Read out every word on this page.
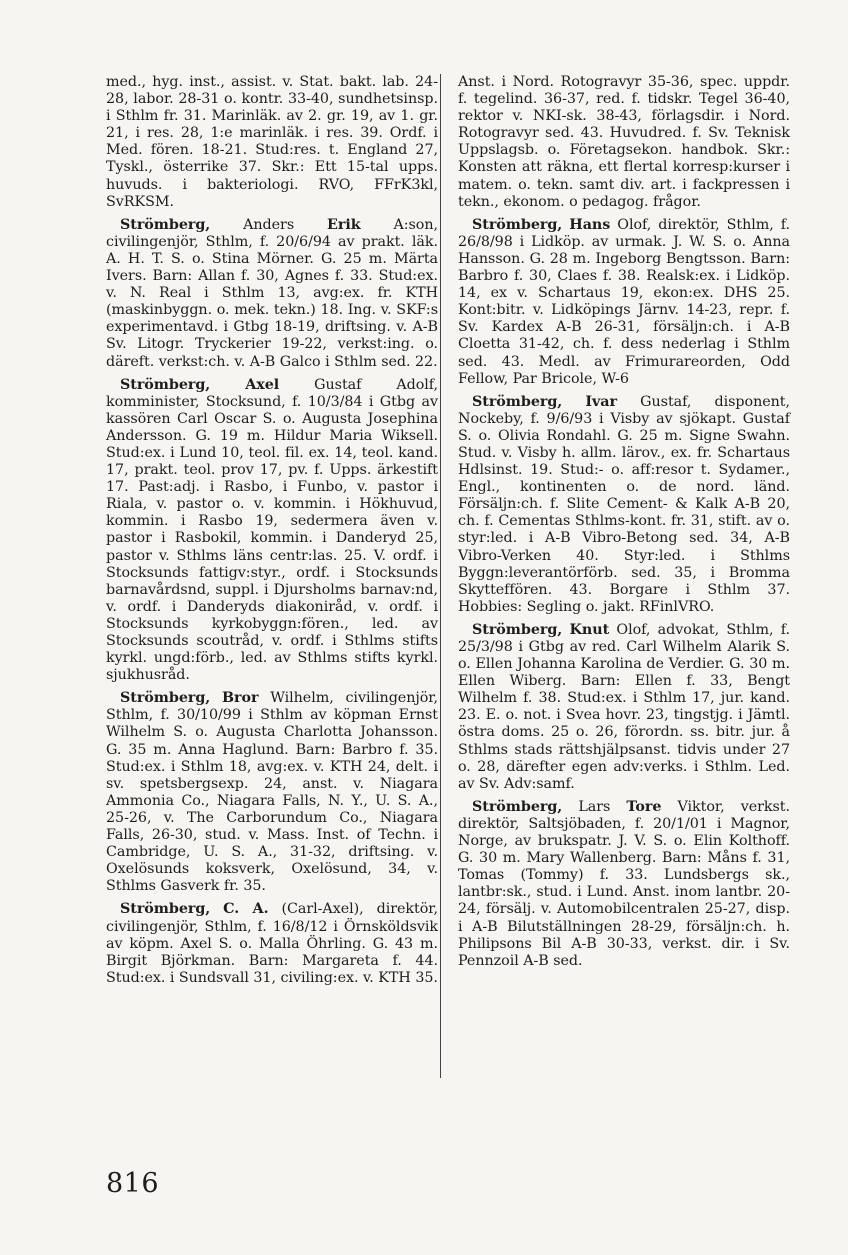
med., hyg. inst., assist. v. Stat. bakt. lab. 24-28, labor. 28-31 o. kontr. 33-40, sundhetsinsp. i Sthlm fr. 31. Marinläk. av 2. gr. 19, av 1. gr. 21, i res. 28, 1:e marinläk. i res. 39. Ordf. i Med. fören. 18-21. Stud:res. t. England 27, Tyskl., österrike 37. Skr.: Ett 15-tal upps. huvuds. i bakteriologi. RVO, FFrK3kl, SvRKSM.

Strömberg, Anders Erik A:son, civilingenjör, Sthlm, f. 20/6/94 av prakt. läk. A. H. T. S. o. Stina Mörner. G. 25 m. Märta Ivers. Barn: Allan f. 30, Agnes f. 33. Stud:ex. v. N. Real i Sthlm 13, avg:ex. fr. KTH (maskinbyggn. o. mek. tekn.) 18. Ing. v. SKF:s experimentavd. i Gtbg 18-19, driftsing. v. A-B Sv. Litogr. Tryckerier 19-22, verkst:ing. o. däreft. verkst:ch. v. A-B Galco i Sthlm sed. 22.

Strömberg, Axel Gustaf Adolf, komminister, Stocksund, f. 10/3/84 i Gtbg av kassören Carl Oscar S. o. Augusta Josephina Andersson. G. 19 m. Hildur Maria Wiksell. Stud:ex. i Lund 10, teol. fil. ex. 14, teol. kand. 17, prakt. teol. prov 17, pv. f. Upps. ärkestift 17. Past:adj. i Rasbo, i Funbo, v. pastor i Riala, v. pastor o. v. kommin. i Hökhuvud, kommin. i Rasbo 19, sedermera även v. pastor i Rasbokil, kommin. i Danderyd 25, pastor v. Sthlms läns centr:las. 25. V. ordf. i Stocksunds fattigv:styr., ordf. i Stocksunds barnavårdsnd, suppl. i Djursholms barnav:nd, v. ordf. i Danderyds diakoniråd, v. ordf. i Stocksunds kyrkobyggn:fören., led. av Stocksunds scoutråd, v. ordf. i Sthlms stifts kyrkl. ungd:förb., led. av Sthlms stifts kyrkl. sjukhusråd.

Strömberg, Bror Wilhelm, civilingenjör, Sthlm, f. 30/10/99 i Sthlm av köpman Ernst Wilhelm S. o. Augusta Charlotta Johansson. G. 35 m. Anna Haglund. Barn: Barbro f. 35. Stud:ex. i Sthlm 18, avg:ex. v. KTH 24, delt. i sv. spetsbergsexp. 24, anst. v. Niagara Ammonia Co., Niagara Falls, N. Y., U. S. A., 25-26, v. The Carborundum Co., Niagara Falls, 26-30, stud. v. Mass. Inst. of Techn. i Cambridge, U. S. A., 31-32, driftsing. v. Oxelösunds koksverk, Oxelösund, 34, v. Sthlms Gasverk fr. 35.

Strömberg, C. A. (Carl-Axel), direktör, civilingenjör, Sthlm, f. 16/8/12 i Örnsköldsvik av köpm. Axel S. o. Malla Öhrling. G. 43 m. Birgit Björkman. Barn: Margareta f. 44. Stud:ex. i Sundsvall 31, civiling:ex. v. KTH 35.

Anst. i Nord. Rotogravyr 35-36, spec. uppdr. f. tegelind. 36-37, red. f. tidskr. Tegel 36-40, rektor v. NKI-sk. 38-43, förlagsdir. i Nord. Rotogravyr sed. 43. Huvudred. f. Sv. Teknisk Uppslagsb. o. Företagsekon. handbok. Skr.: Konsten att räkna, ett flertal korresp:kurser i matem. o. tekn. samt div. art. i fackpressen i tekn., ekonom. o pedagog. frågor.

Strömberg, Hans Olof, direktör, Sthlm, f. 26/8/98 i Lidköp. av urmak. J. W. S. o. Anna Hansson. G. 28 m. Ingeborg Bengtsson. Barn: Barbro f. 30, Claes f. 38. Realsk:ex. i Lidköp. 14, ex v. Schartaus 19, ekon:ex. DHS 25. Kont:bitr. v. Lidköpings Järnv. 14-23, repr. f. Sv. Kardex A-B 26-31, försäljn:ch. i A-B Cloetta 31-42, ch. f. dess nederlag i Sthlm sed. 43. Medl. av Frimurareorden, Odd Fellow, Par Bricole, W-6

Strömberg, Ivar Gustaf, disponent, Nockeby, f. 9/6/93 i Visby av sjökapt. Gustaf S. o. Olivia Rondahl. G. 25 m. Signe Swahn. Stud. v. Visby h. allm. lärov., ex. fr. Schartaus Hdlsinst. 19. Stud:- o. aff:resor t. Sydamer., Engl., kontinenten o. de nord. länd. Försäljn:ch. f. Slite Cement- & Kalk A-B 20, ch. f. Cementas Sthlms-kont. fr. 31, stift. av o. styr:led. i A-B Vibro-Betong sed. 34, A-B Vibro-Verken 40. Styr:led. i Sthlms Byggn:leverantörförb. sed. 35, i Bromma Skytteffören. 43. Borgare i Sthlm 37. Hobbies: Segling o. jakt. RFinlVRO.

Strömberg, Knut Olof, advokat, Sthlm, f. 25/3/98 i Gtbg av red. Carl Wilhelm Alarik S. o. Ellen Johanna Karolina de Verdier. G. 30 m. Ellen Wiberg. Barn: Ellen f. 33, Bengt Wilhelm f. 38. Stud:ex. i Sthlm 17, jur. kand. 23. E. o. not. i Svea hovr. 23, tingstjg. i Jämtl. östra doms. 25 o. 26, förordn. ss. bitr. jur. å Sthlms stads rättshjälpsanst. tidvis under 27 o. 28, därefter egen adv:verks. i Sthlm. Led. av Sv. Adv:samf.

Strömberg, Lars Tore Viktor, verkst. direktör, Saltsjöbaden, f. 20/1/01 i Magnor, Norge, av brukspatr. J. V. S. o. Elin Kolthoff. G. 30 m. Mary Wallenberg. Barn: Måns f. 31, Tomas (Tommy) f. 33. Lundsbergs sk., lantbr:sk., stud. i Lund. Anst. inom lantbr. 20-24, försälj. v. Automobilcentralen 25-27, disp. i A-B Bilutställningen 28-29, försäljn:ch. h. Philipsons Bil A-B 30-33, verkst. dir. i Sv. Pennzoil A-B sed.

816
